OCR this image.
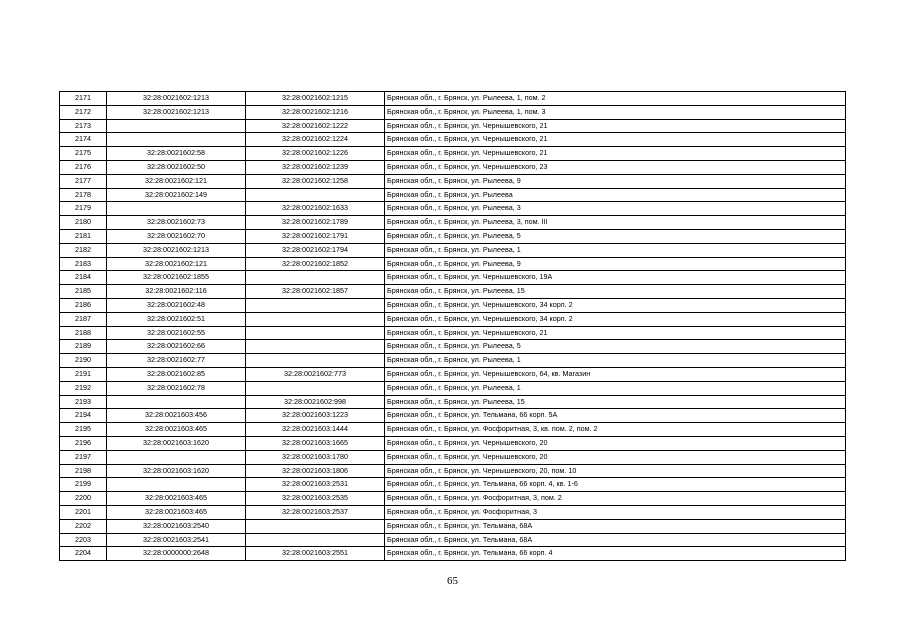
2171	32:28:0021602:1213	32:28:0021602:1215	Брянская обл., г. Брянск, ул. Рылеева, 1, пом. 2
2172	32:28:0021602:1213	32:28:0021602:1216	Брянская обл., г. Брянск, ул. Рылеева, 1, пом. 3
2173		32:28:0021602:1222	Брянская обл., г. Брянск, ул. Чернышевского, 21
2174		32:28:0021602:1224	Брянская обл., г. Брянск, ул. Чернышевского, 21
2175	32:28:0021602:58	32:28:0021602:1226	Брянская обл., г. Брянск, ул. Чернышевского, 21
2176	32:28:0021602:50	32:28:0021602:1239	Брянская обл., г. Брянск, ул. Чернышевского, 23
2177	32:28:0021602:121	32:28:0021602:1258	Брянская обл., г. Брянск, ул. Рылеева, 9
2178	32:28:0021602:149		Брянская обл., г. Брянск, ул. Рылеева
2179		32:28:0021602:1633	Брянская обл., г. Брянск, ул. Рылеева, 3
2180	32:28:0021602:73	32:28:0021602:1789	Брянская обл., г. Брянск, ул. Рылеева, 3, пом. III
2181	32:28:0021602:70	32:28:0021602:1791	Брянская обл., г. Брянск, ул. Рылеева, 5
2182	32:28:0021602:1213	32:28:0021602:1794	Брянская обл., г. Брянск, ул. Рылеева, 1
2183	32:28:0021602:121	32:28:0021602:1852	Брянская обл., г. Брянск, ул. Рылеева, 9
2184	32:28:0021602:1855		Брянская обл., г. Брянск, ул. Чернышевского, 19А
2185	32:28:0021602:116	32:28:0021602:1857	Брянская обл., г. Брянск, ул. Рылеева, 15
2186	32:28:0021602:48		Брянская обл., г. Брянск, ул. Чернышевского, 34 корп. 2
2187	32:28:0021602:51		Брянская обл., г. Брянск, ул. Чернышевского, 34 корп. 2
2188	32:28:0021602:55		Брянская обл., г. Брянск, ул. Чернышевского, 21
2189	32:28:0021602:66		Брянская обл., г. Брянск, ул. Рылеева, 5
2190	32:28:0021602:77		Брянская обл., г. Брянск, ул. Рылеева, 1
2191	32:28:0021602:85	32:28:0021602:773	Брянская обл., г. Брянск, ул. Чернышевского, 64, кв. Магазин
2192	32:28:0021602:78		Брянская обл., г. Брянск, ул. Рылеева, 1
2193		32:28:0021602:998	Брянская обл., г. Брянск, ул. Рылеева, 15
2194	32:28:0021603:456	32:28:0021603:1223	Брянская обл., г. Брянск, ул. Тельмана, 66 корп. 5А
2195	32:28:0021603:465	32:28:0021603:1444	Брянская обл., г. Брянск, ул. Фосфоритная, 3, кв. пом. 2, пом. 2
2196	32:28:0021603:1620	32:28:0021603:1665	Брянская обл., г. Брянск, ул. Чернышевского, 20
2197		32:28:0021603:1780	Брянская обл., г. Брянск, ул. Чернышевского, 20
2198	32:28:0021603:1620	32:28:0021603:1806	Брянская обл., г. Брянск, ул. Чернышевского, 20, пом. 10
2199		32:28:0021603:2531	Брянская обл., г. Брянск, ул. Тельмана, 66 корп. 4, кв. 1-6
2200	32:28:0021603:465	32:28:0021603:2535	Брянская обл., г. Брянск, ул. Фосфоритная, 3, пом. 2
2201	32:28:0021603:465	32:28:0021603:2537	Брянская обл., г. Брянск, ул. Фосфоритная, 3
2202	32:28:0021603:2540		Брянская обл., г. Брянск, ул. Тельмана, 68А
2203	32:28:0021603:2541		Брянская обл., г. Брянск, ул. Тельмана, 68А
2204	32:28:0000000:2648	32:28:0021603:2551	Брянская обл., г. Брянск, ул. Тельмана, 66 корп. 4
65
